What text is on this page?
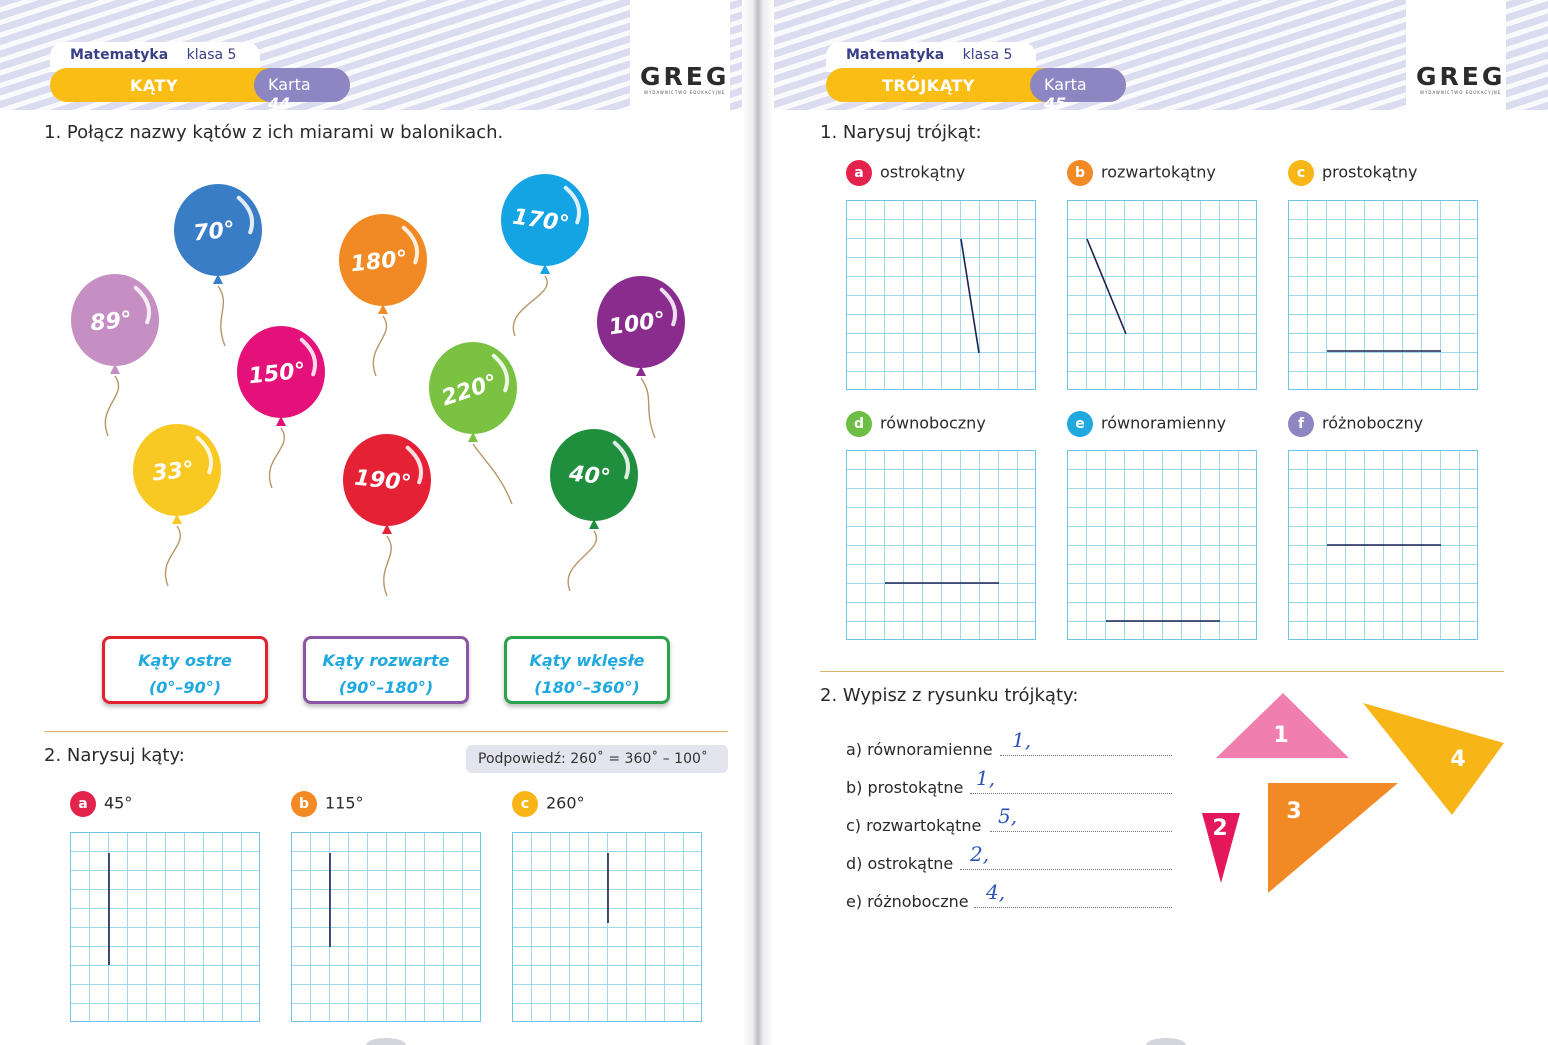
GREG
WYDAWNICTWO EDUKACYJNE
Matematyka klasa 5
KĄTY	Karta 44
1. Połącz nazwy kątów z ich miarami w balonikach.
70°
180°
170°
89°	100°
150°	220°
33°	190°	40°
Kąty ostre
(0°–90°)
Kąty rozwarte
(90°–180°)
Kąty wklęsłe
(180°–360°)
2. Narysuj kąty:	Podpowiedź: 260˚ = 360˚ – 100˚
a 45°	b 115°	c 260°
GREG
WYDAWNICTWO EDUKACYJNE
Matematyka klasa 5
TRÓJKĄTY	Karta 45
1. Narysuj trójkąt:
a ostrokątny	b rozwartokątny	c prostokątny
d równoboczny	e równoramienny	f różnoboczny
2. Wypisz z rysunku trójkąty:
a) równoramienne 1,
b) prostokątne 1,
c) rozwartokątne 5,
d) ostrokątne 2,
e) różnoboczne 4,
1
2
3
4
5
6
7
